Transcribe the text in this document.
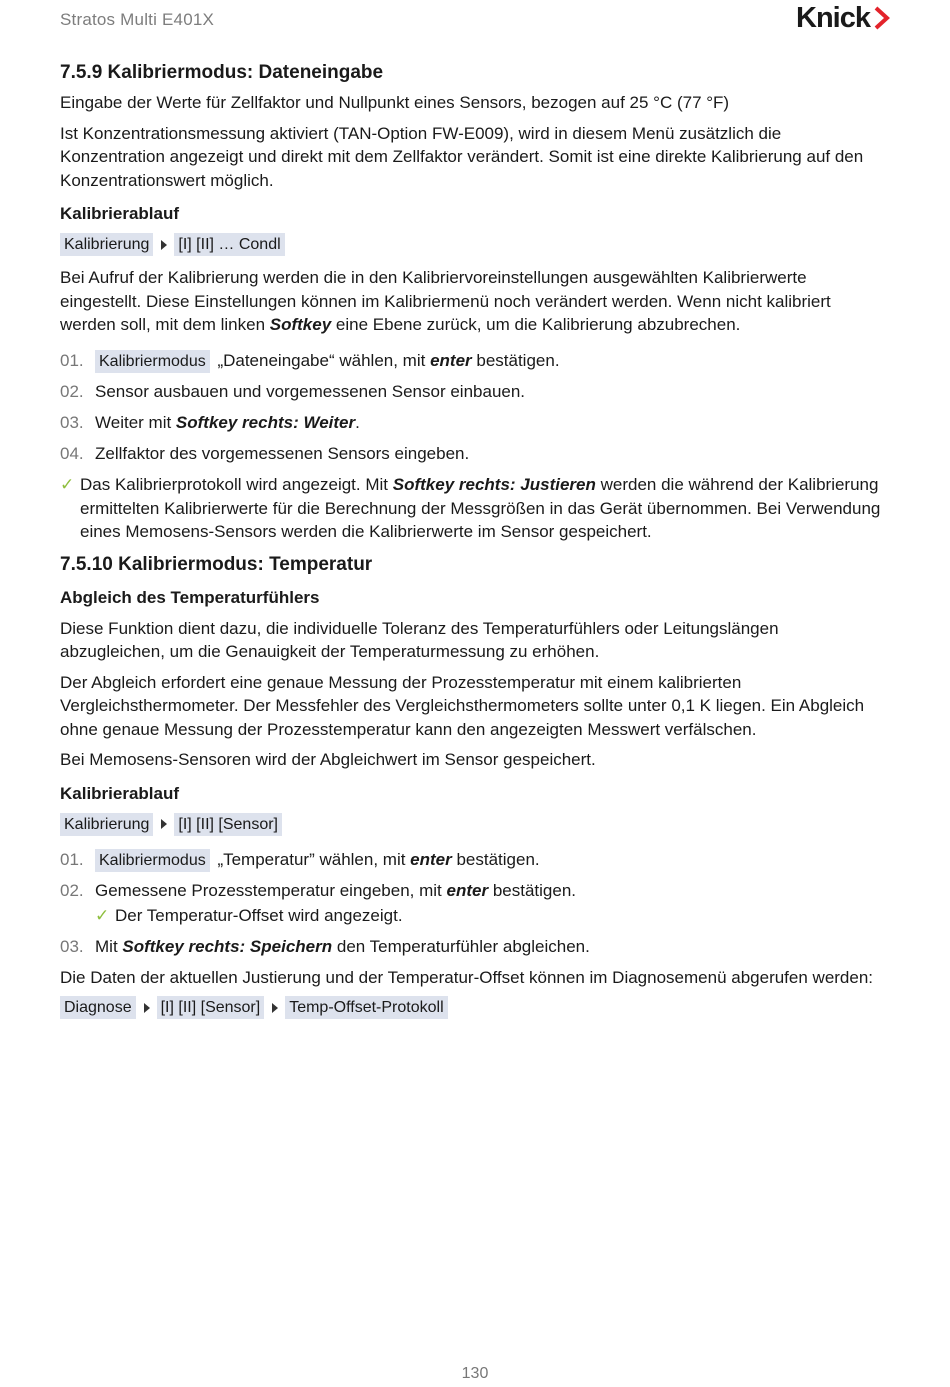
Stratos Multi E401X	Knick
7.5.9 Kalibriermodus: Dateneingabe

Eingabe der Werte für Zellfaktor und Nullpunkt eines Sensors, bezogen auf 25 °C (77 °F)

Ist Konzentrationsmessung aktiviert (TAN-Option FW-E009), wird in diesem Menü zusätzlich die Konzentration angezeigt und direkt mit dem Zellfaktor verändert. Somit ist eine direkte Kalibrierung auf den Konzentrationswert möglich.

Kalibrierablauf
Kalibrierung [I] [II] … Condl

Bei Aufruf der Kalibrierung werden die in den Kalibriervoreinstellungen ausgewählten Kalibrierwerte eingestellt. Diese Einstellungen können im Kalibriermenü noch verändert werden. Wenn nicht kalibriert werden soll, mit dem linken Softkey eine Ebene zurück, um die Kalibrierung abzubrechen.

01. Kalibriermodus „Dateneingabe“ wählen, mit enter bestätigen.
02. Sensor ausbauen und vorgemessenen Sensor einbauen.
03. Weiter mit Softkey rechts: Weiter.
04. Zellfaktor des vorgemessenen Sensors eingeben.
✓ Das Kalibrierprotokoll wird angezeigt. Mit Softkey rechts: Justieren werden die während der Kalibrierung ermittelten Kalibrierwerte für die Berechnung der Messgrößen in das Gerät übernommen. Bei Verwendung eines Memosens-Sensors werden die Kalibrierwerte im Sensor gespeichert.
7.5.10 Kalibriermodus: Temperatur
Abgleich des Temperaturfühlers

Diese Funktion dient dazu, die individuelle Toleranz des Temperaturfühlers oder Leitungslängen abzugleichen, um die Genauigkeit der Temperaturmessung zu erhöhen.

Der Abgleich erfordert eine genaue Messung der Prozesstemperatur mit einem kalibrierten Vergleichsthermometer. Der Messfehler des Vergleichsthermometers sollte unter 0,1 K liegen. Ein Abgleich ohne genaue Messung der Prozesstemperatur kann den angezeigten Messwert verfälschen.

Bei Memosens-Sensoren wird der Abgleichwert im Sensor gespeichert.

Kalibrierablauf
Kalibrierung [I] [II] [Sensor]
01. Kalibriermodus „Temperatur” wählen, mit enter bestätigen.
02. Gemessene Prozesstemperatur eingeben, mit enter bestätigen.
✓ Der Temperatur-Offset wird angezeigt.
03. Mit Softkey rechts: Speichern den Temperaturfühler abgleichen.

Die Daten der aktuellen Justierung und der Temperatur-Offset können im Diagnosemenü abgerufen werden:

Diagnose [I] [II] [Sensor] Temp-Offset-Protokoll
130
